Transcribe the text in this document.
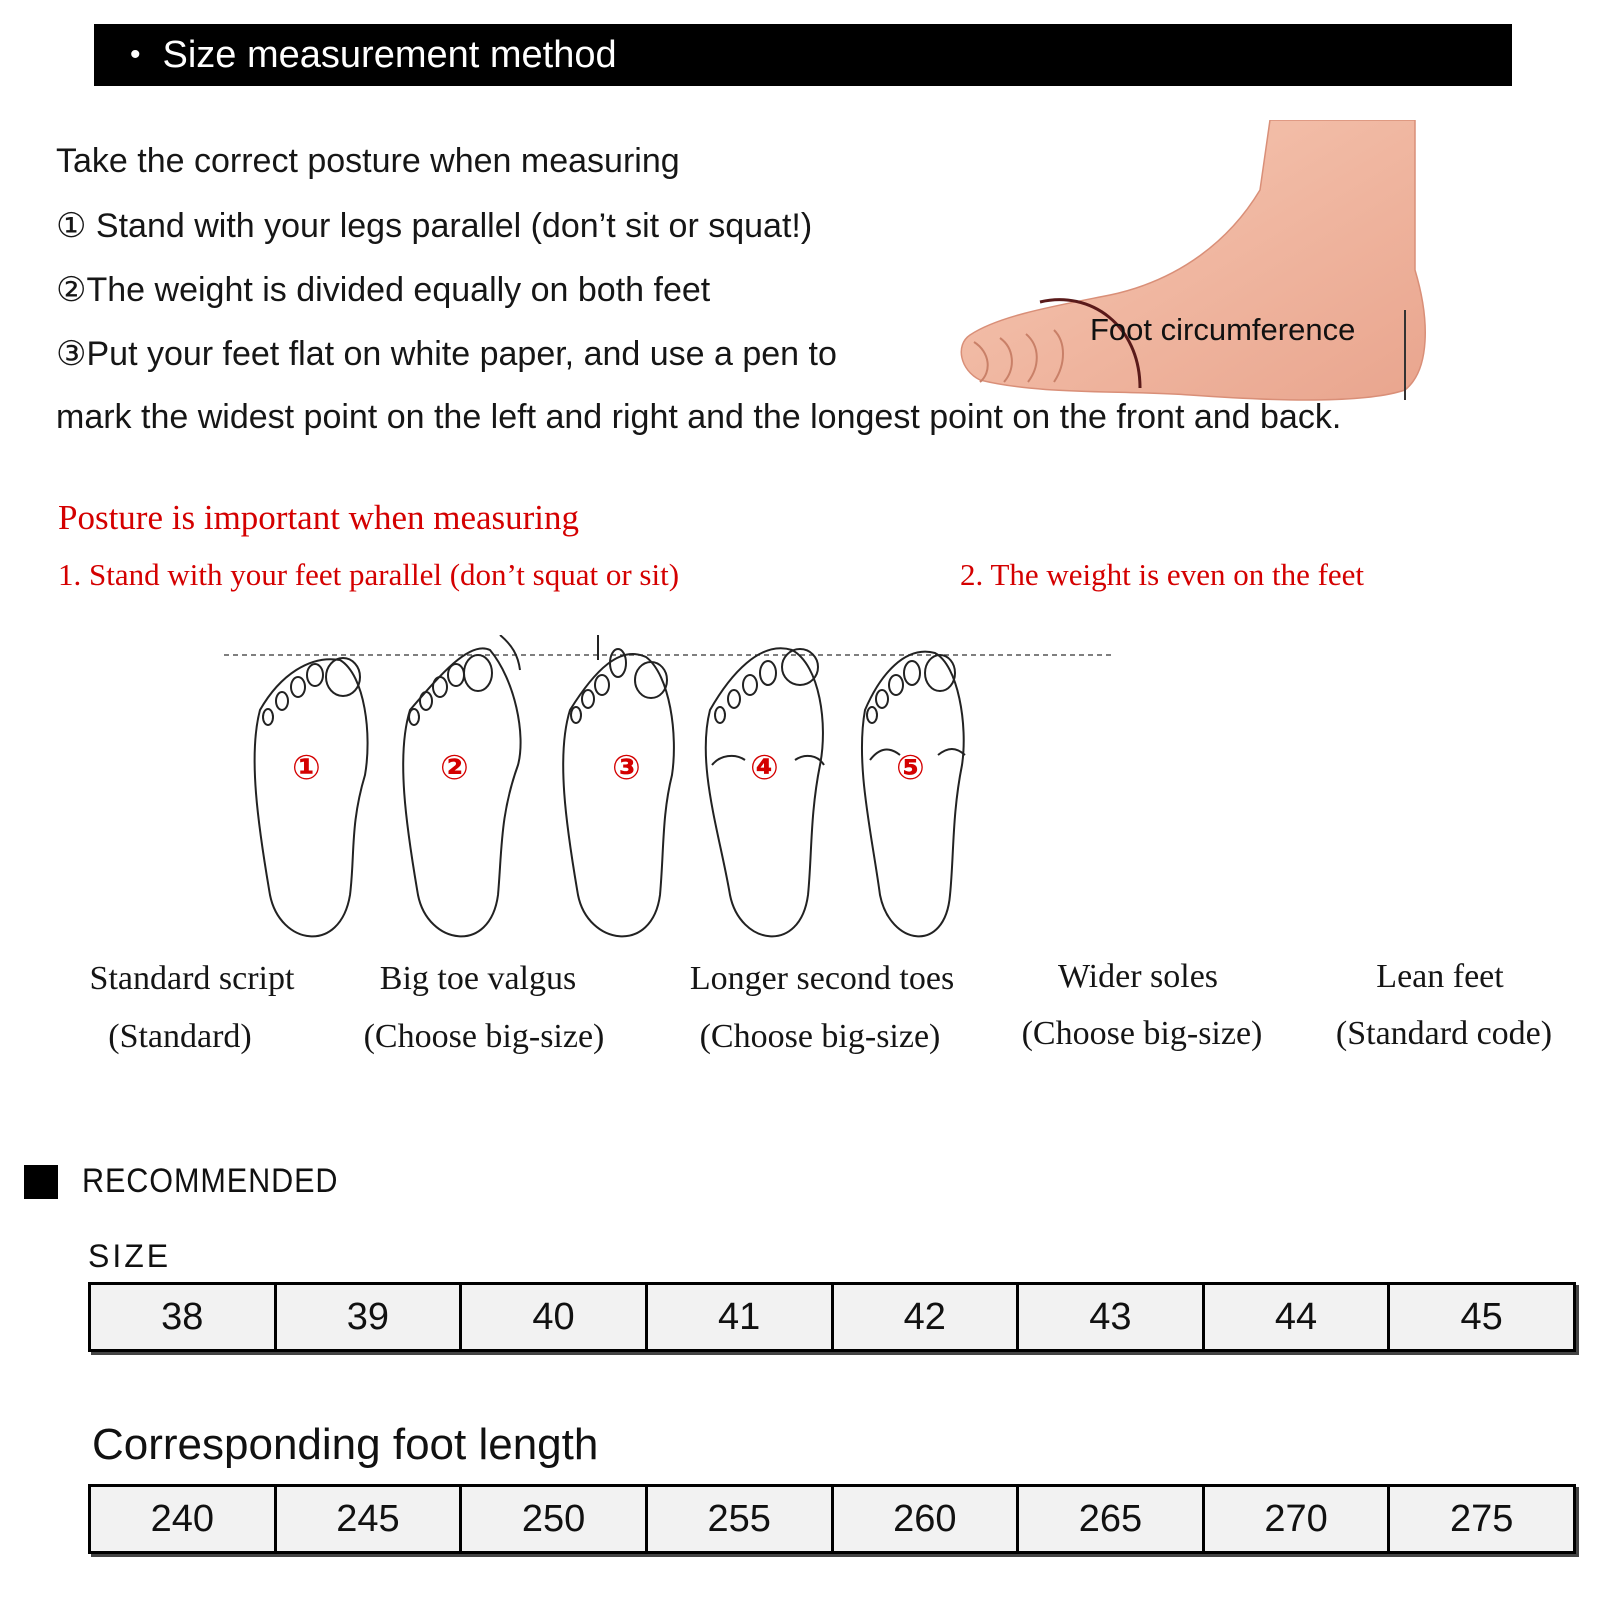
• Size measurement method
Take the correct posture when measuring
① Stand with your legs parallel (don’t sit or squat!)
②The weight is divided equally on both feet
③Put your feet flat on white paper, and use a pen to
Foot circumference
mark the widest point on the left and right and the longest point on the front and back.
Posture is important when measuring
1. Stand with your feet parallel (don’t squat or sit)	2. The weight is even on the feet
①	②	③	④	⑤
Standard script
(Standard)
Big toe valgus
(Choose big-size)
Longer second toes
(Choose big-size)
Wider soles
(Choose big-size)
Lean feet
(Standard code)
RECOMMENDED
SIZE
38	39	40	41	42	43	44	45
Corresponding foot length
240	245	250	255	260	265	270	275
